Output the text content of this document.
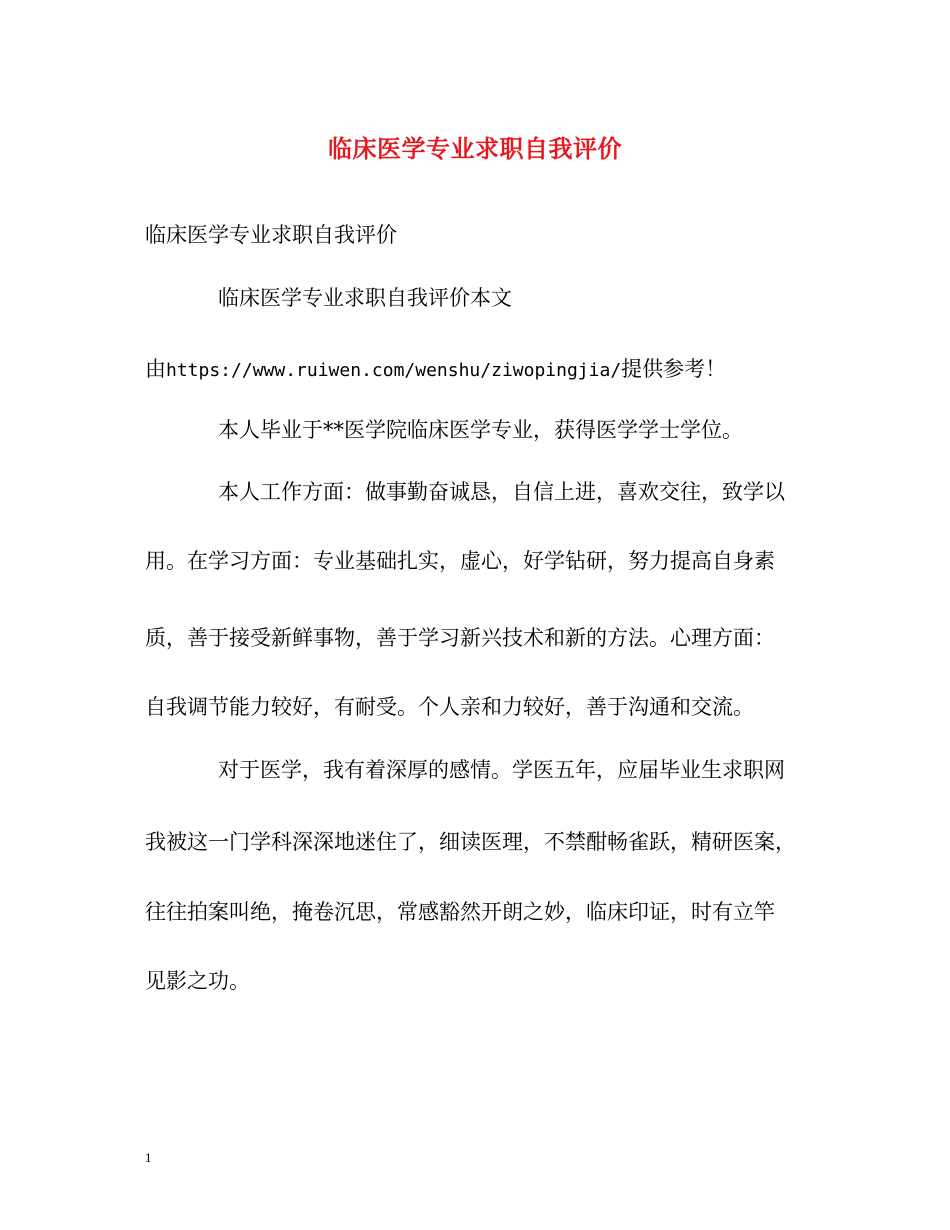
临床医学专业求职自我评价
临床医学专业求职自我评价
临床医学专业求职自我评价本文
由https://www.ruiwen.com/wenshu/ziwopingjia/提供参考！
本人毕业于**医学院临床医学专业，获得医学学士学位。
本人工作方面：做事勤奋诚恳，自信上进，喜欢交往，致学以
用。在学习方面：专业基础扎实，虚心，好学钻研，努力提高自身素
质，善于接受新鲜事物，善于学习新兴技术和新的方法。心理方面：
自我调节能力较好，有耐受。个人亲和力较好，善于沟通和交流。
对于医学，我有着深厚的感情。学医五年，应届毕业生求职网
我被这一门学科深深地迷住了，细读医理，不禁酣畅雀跃，精研医案，
往往拍案叫绝，掩卷沉思，常感豁然开朗之妙，临床印证，时有立竿
见影之功。
1
